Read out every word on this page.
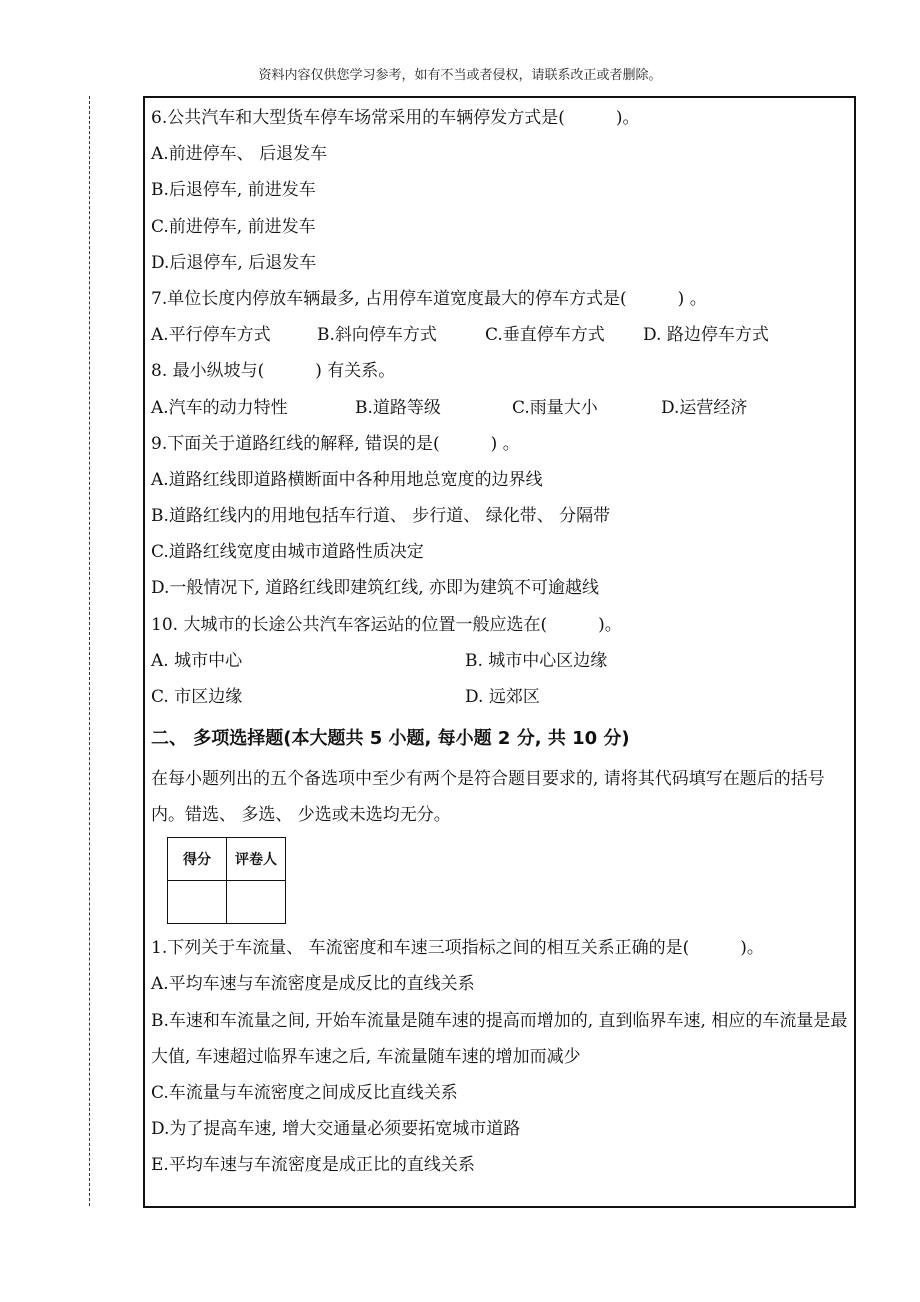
资料内容仅供您学习参考，如有不当或者侵权，请联系改正或者删除。
6.公共汽车和大型货车停车场常采用的车辆停发方式是(　　　)。
A.前进停车、 后退发车
B.后退停车, 前进发车
C.前进停车, 前进发车
D.后退停车, 后退发车
7.单位长度内停放车辆最多, 占用停车道宽度最大的停车方式是(　　　) 。
A.平行停车方式	B.斜向停车方式	C.垂直停车方式 D. 路边停车方式
8. 最小纵坡与(　　　) 有关系。
A.汽车的动力特性	B.道路等级	C.雨量大小	D.运营经济
9.下面关于道路红线的解释, 错误的是(　　　) 。
A.道路红线即道路横断面中各种用地总宽度的边界线
B.道路红线内的用地包括车行道、 步行道、 绿化带、 分隔带
C.道路红线宽度由城市道路性质决定
D.一般情况下, 道路红线即建筑红线, 亦即为建筑不可逾越线
10. 大城市的长途公共汽车客运站的位置一般应选在(　　　)。
A. 城市中心	B. 城市中心区边缘
C. 市区边缘	D. 远郊区
二、 多项选择题(本大题共 5 小题, 每小题 2 分, 共 10 分)
在每小题列出的五个备选项中至少有两个是符合题目要求的, 请将其代码填写在题后的括号内。错选、 多选、 少选或未选均无分。
得分	评卷人

1.下列关于车流量、 车流密度和车速三项指标之间的相互关系正确的是(　　　)。
A.平均车速与车流密度是成反比的直线关系
B.车速和车流量之间, 开始车流量是随车速的提高而增加的, 直到临界车速, 相应的车流量是最大值, 车速超过临界车速之后, 车流量随车速的增加而减少
C.车流量与车流密度之间成反比直线关系
D.为了提高车速, 增大交通量必须要拓宽城市道路
E.平均车速与车流密度是成正比的直线关系
